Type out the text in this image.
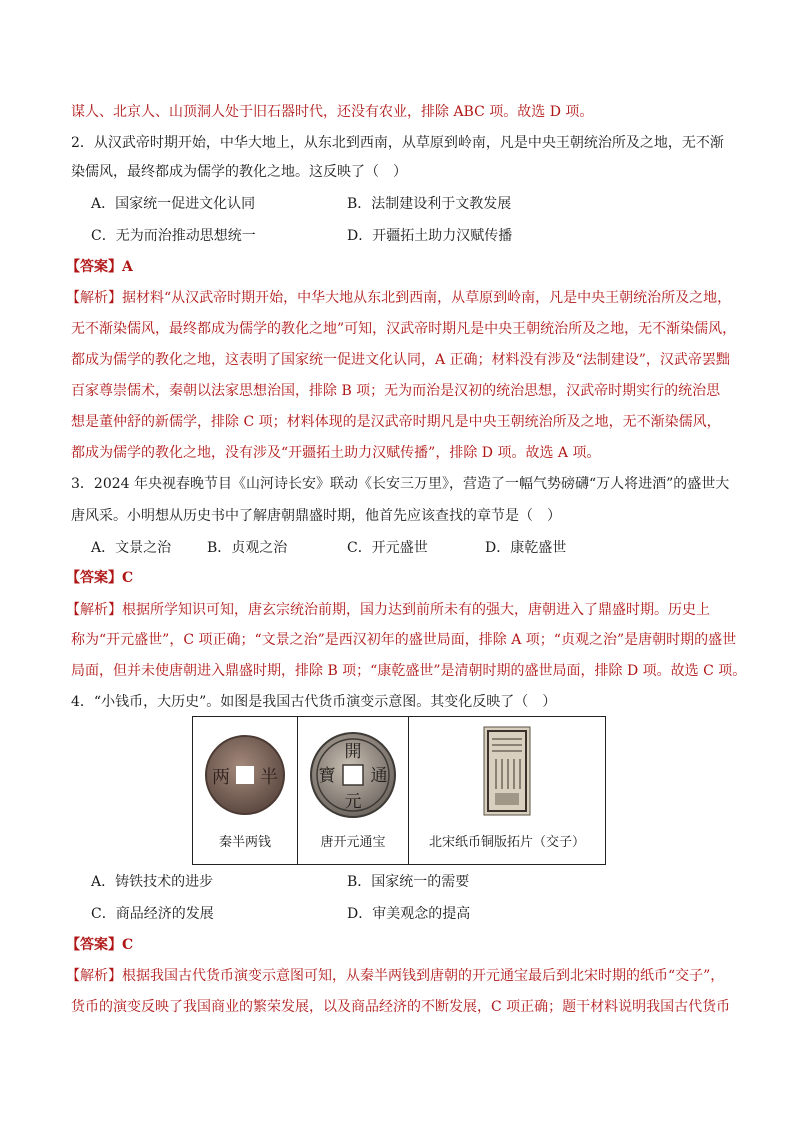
谋人、北京人、山顶洞人处于旧石器时代，还没有农业，排除 ABC 项。故选 D 项。
2．从汉武帝时期开始，中华大地上，从东北到西南，从草原到岭南，凡是中央王朝统治所及之地，无不渐
染儒风，最终都成为儒学的教化之地。这反映了（　）
A．国家统一促进文化认同	B．法制建设利于文教发展
C．无为而治推动思想统一	D．开疆拓土助力汉赋传播
【答案】A
【解析】据材料“从汉武帝时期开始，中华大地从东北到西南，从草原到岭南，凡是中央王朝统治所及之地，
无不渐染儒风，最终都成为儒学的教化之地”可知，汉武帝时期凡是中央王朝统治所及之地，无不渐染儒风，
都成为儒学的教化之地，这表明了国家统一促进文化认同，A 正确；材料没有涉及“法制建设”，汉武帝罢黜
百家尊崇儒术，秦朝以法家思想治国，排除 B 项；无为而治是汉初的统治思想，汉武帝时期实行的统治思
想是董仲舒的新儒学，排除 C 项；材料体现的是汉武帝时期凡是中央王朝统治所及之地，无不渐染儒风，
都成为儒学的教化之地，没有涉及“开疆拓土助力汉赋传播”，排除 D 项。故选 A 项。
3．2024 年央视春晚节目《山河诗长安》联动《长安三万里》，营造了一幅气势磅礴“万人将进酒”的盛世大
唐风采。小明想从历史书中了解唐朝鼎盛时期，他首先应该查找的章节是（　）
A．文景之治	B．贞观之治	C．开元盛世	D．康乾盛世
【答案】C
【解析】根据所学知识可知，唐玄宗统治前期，国力达到前所未有的强大，唐朝进入了鼎盛时期。历史上
称为“开元盛世”，C 项正确；“文景之治”是西汉初年的盛世局面，排除 A 项；“贞观之治”是唐朝时期的盛世
局面，但并未使唐朝进入鼎盛时期，排除 B 项；“康乾盛世”是清朝时期的盛世局面，排除 D 项。故选 C 项。
4．“小钱币，大历史”。如图是我国古代货币演变示意图。其变化反映了（　）
两 半
秦半两钱

開
元
通
寶
唐开元通宝	北宋纸币铜版拓片（交子）
A．铸铁技术的进步	B．国家统一的需要
C．商品经济的发展	D．审美观念的提高
【答案】C
【解析】根据我国古代货币演变示意图可知，从秦半两钱到唐朝的开元通宝最后到北宋时期的纸币“交子”，
货币的演变反映了我国商业的繁荣发展，以及商品经济的不断发展，C 项正确；题干材料说明我国古代货币
